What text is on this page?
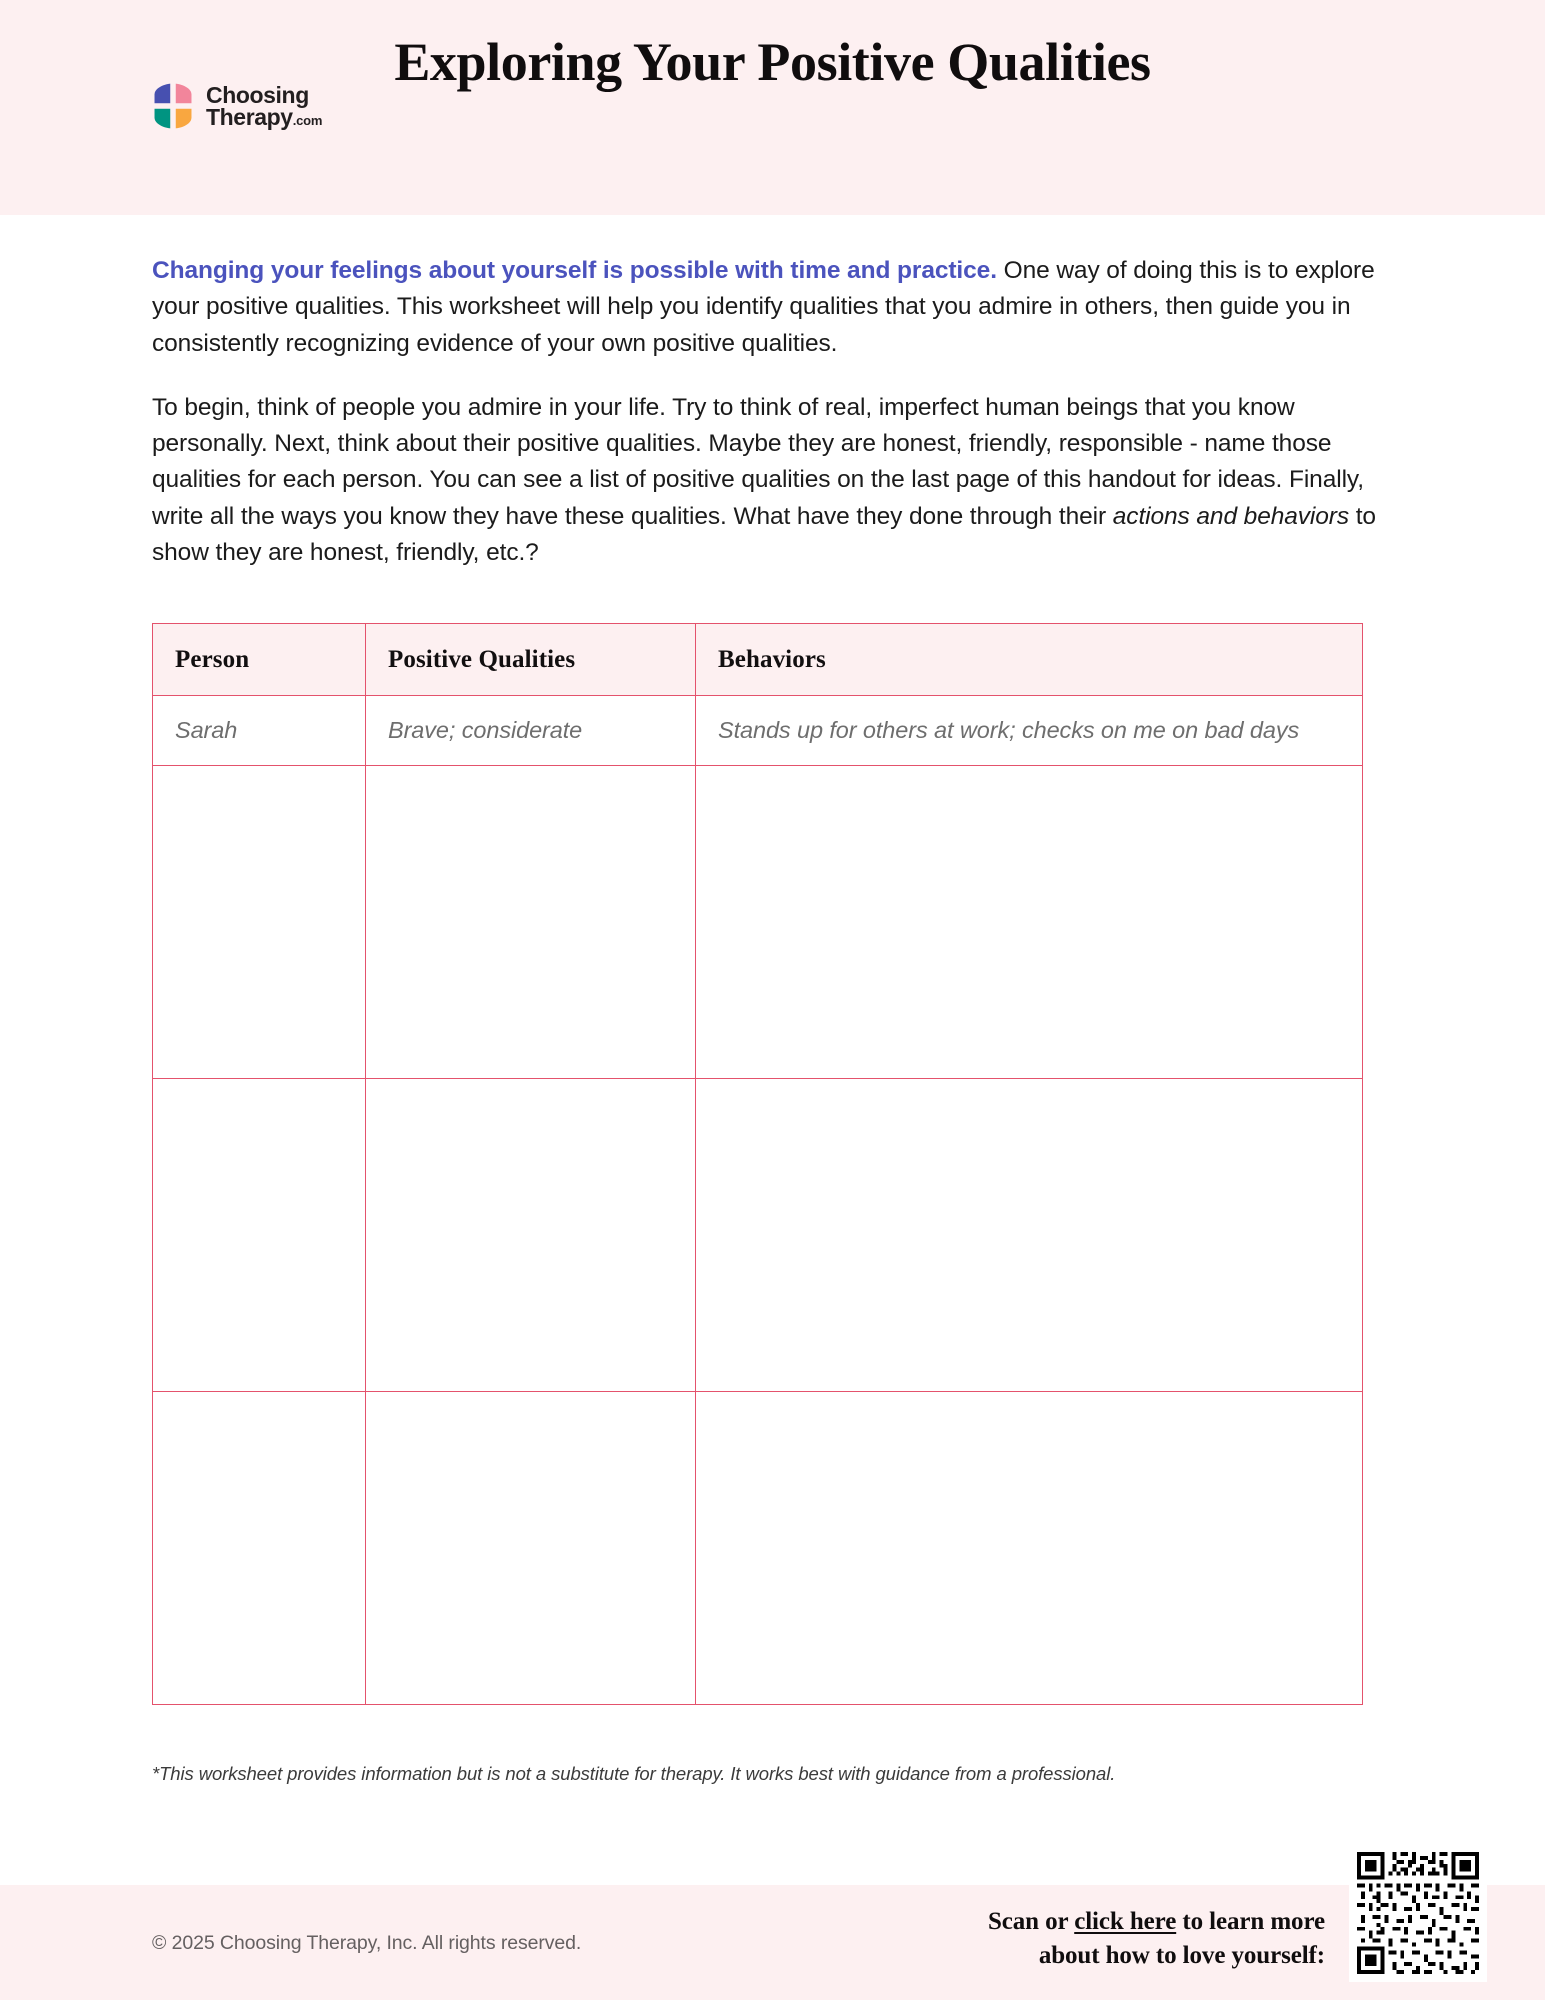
Choosing
Therapy.com
Exploring Your Positive Qualities

Changing your feelings about yourself is possible with time and practice. One way of doing this is to explore your positive qualities. This worksheet will help you identify qualities that you admire in others, then guide you in consistently recognizing evidence of your own positive qualities.

To begin, think of people you admire in your life. Try to think of real, imperfect human beings that you know personally. Next, think about their positive qualities. Maybe they are honest, friendly, responsible - name those qualities for each person. You can see a list of positive qualities on the last page of this handout for ideas. Finally, write all the ways you know they have these qualities. What have they done through their actions and behaviors to show they are honest, friendly, etc.?

Person	Positive Qualities	Behaviors
Sarah	Brave; considerate	Stands up for others at work; checks on me on bad days

*This worksheet provides information but is not a substitute for therapy. It works best with guidance from a professional.

© 2025 Choosing Therapy, Inc. All rights reserved.
Scan or click here to learn more
about how to love yourself:
